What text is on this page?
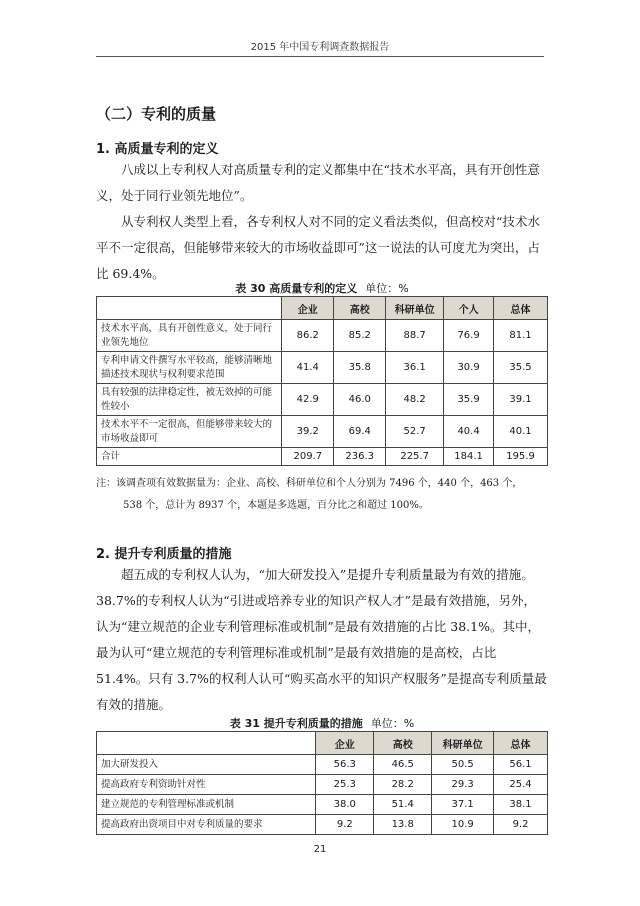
2015 年中国专利调查数据报告
（二）专利的质量
1. 高质量专利的定义

八成以上专利权人对高质量专利的定义都集中在“技术水平高，具有开创性意义，处于同行业领先地位”。

从专利权人类型上看，各专利权人对不同的定义看法类似，但高校对“技术水平不一定很高，但能够带来较大的市场收益即可”这一说法的认可度尤为突出，占比 69.4%。

表 30 高质量专利的定义 单位：%
	企业	高校	科研单位	个人	总体
技术水平高，具有开创性意义，处于同行业领先地位	86.2	85.2	88.7	76.9	81.1
专利申请文件撰写水平较高，能够清晰地描述技术现状与权利要求范围	41.4	35.8	36.1	30.9	35.5
具有较强的法律稳定性，被无效掉的可能性较小	42.9	46.0	48.2	35.9	39.1
技术水平不一定很高，但能够带来较大的市场收益即可	39.2	69.4	52.7	40.4	40.1
合计	209.7	236.3	225.7	184.1	195.9
注：该调查项有效数据量为：企业、高校、科研单位和个人分别为 7496 个，440 个，463 个，
538 个，总计为 8937 个，本题是多选题，百分比之和超过 100%。
2. 提升专利质量的措施

超五成的专利权人认为，“加大研发投入”是提升专利质量最为有效的措施。38.7%的专利权人认为“引进或培养专业的知识产权人才”是最有效措施，另外，认为“建立规范的企业专利管理标准或机制”是最有效措施的占比 38.1%。其中，最为认可“建立规范的专利管理标准或机制”是最有效措施的是高校，占比 51.4%。只有 3.7%的权利人认可“购买高水平的知识产权服务”是提高专利质量最有效的措施。

表 31 提升专利质量的措施 单位：%
	企业	高校	科研单位	总体
加大研发投入	56.3	46.5	50.5	56.1
提高政府专利资助针对性	25.3	28.2	29.3	25.4
建立规范的专利管理标准或机制	38.0	51.4	37.1	38.1
提高政府出资项目中对专利质量的要求	9.2	13.8	10.9	9.2
21
